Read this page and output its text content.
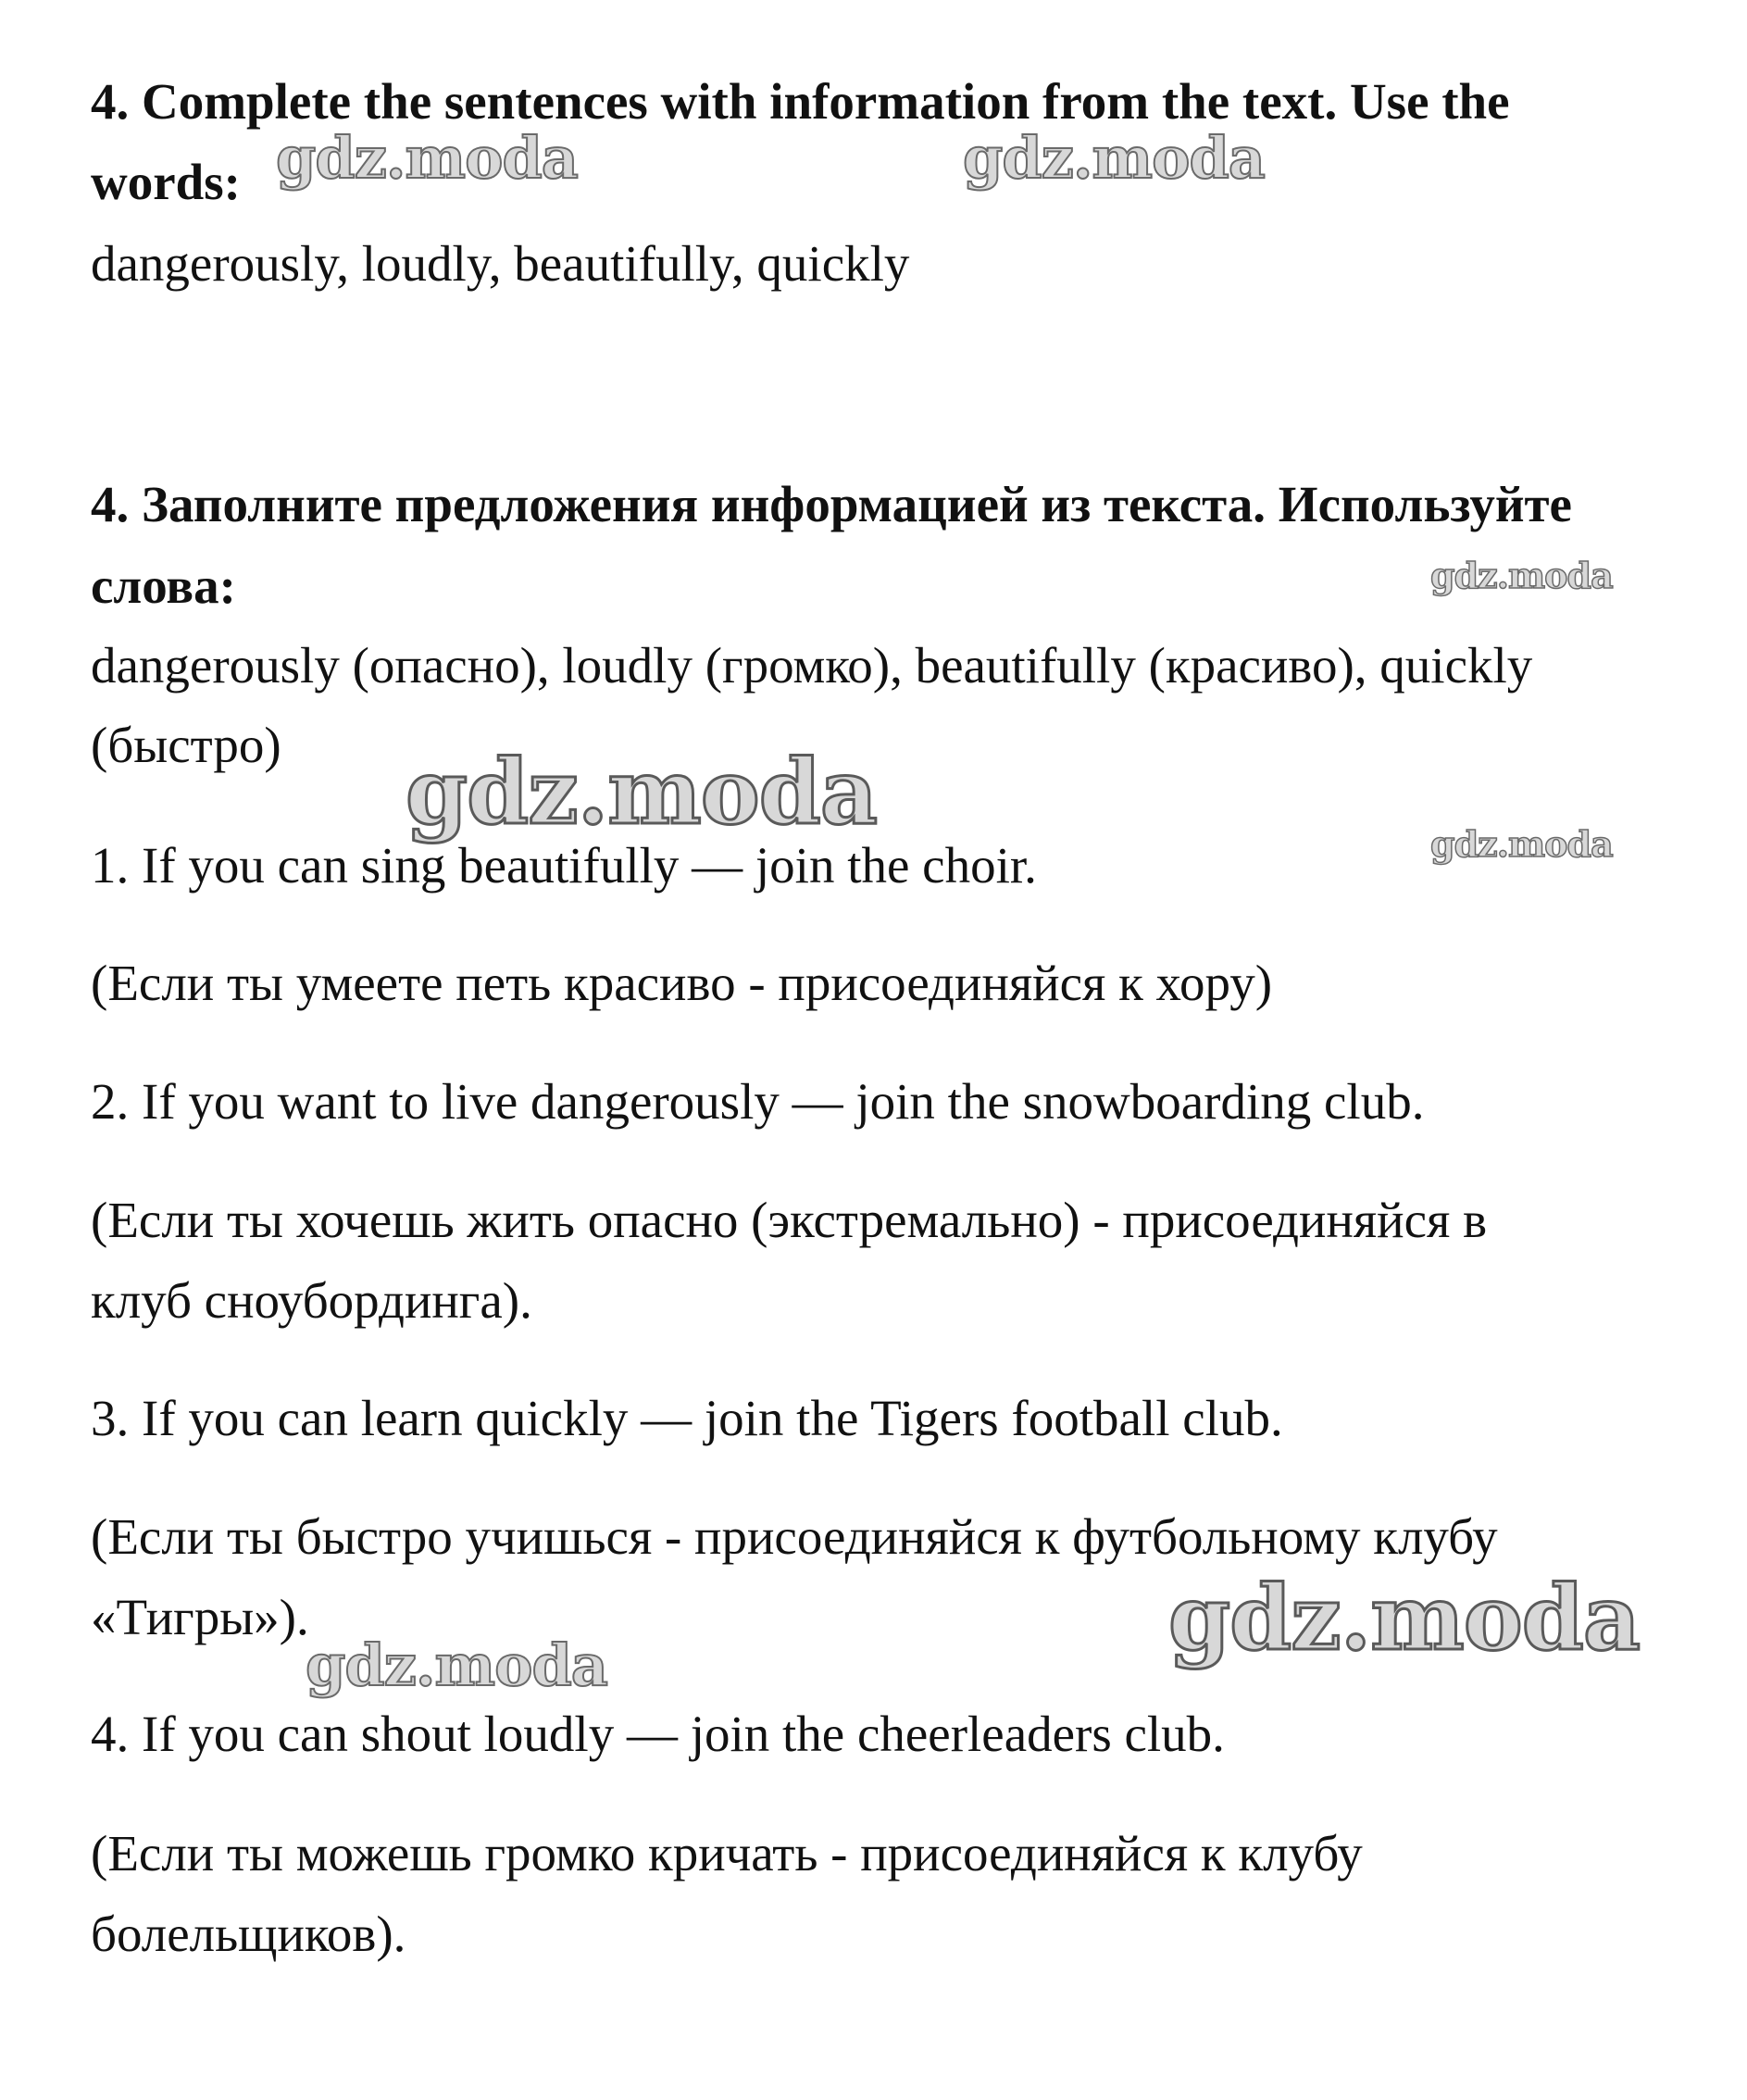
4. Complete the sentences with information from the text. Use the
words:
dangerously, loudly, beautifully, quickly
4. Заполните предложения информацией из текста. Используйте
слова:
dangerously (опасно), loudly (громко), beautifully (красиво), quickly
(быстро)
1. If you can sing beautifully — join the choir.
(Если ты умеете петь красиво - присоединяйся к хору)
2. If you want to live dangerously — join the snowboarding club.
(Если ты хочешь жить опасно (экстремально) - присоединяйся в
клуб сноубординга).
3. If you can learn quickly — join the Tigers football club.
(Если ты быстро учишься - присоединяйся к футбольному клубу
«Тигры»).
4. If you can shout loudly — join the cheerleaders club.
(Если ты можешь громко кричать - присоединяйся к клубу
болельщиков).
gdz.moda	gdz.moda
gdz.moda
gdz.moda	gdz.moda
gdz.moda
gdz.moda
